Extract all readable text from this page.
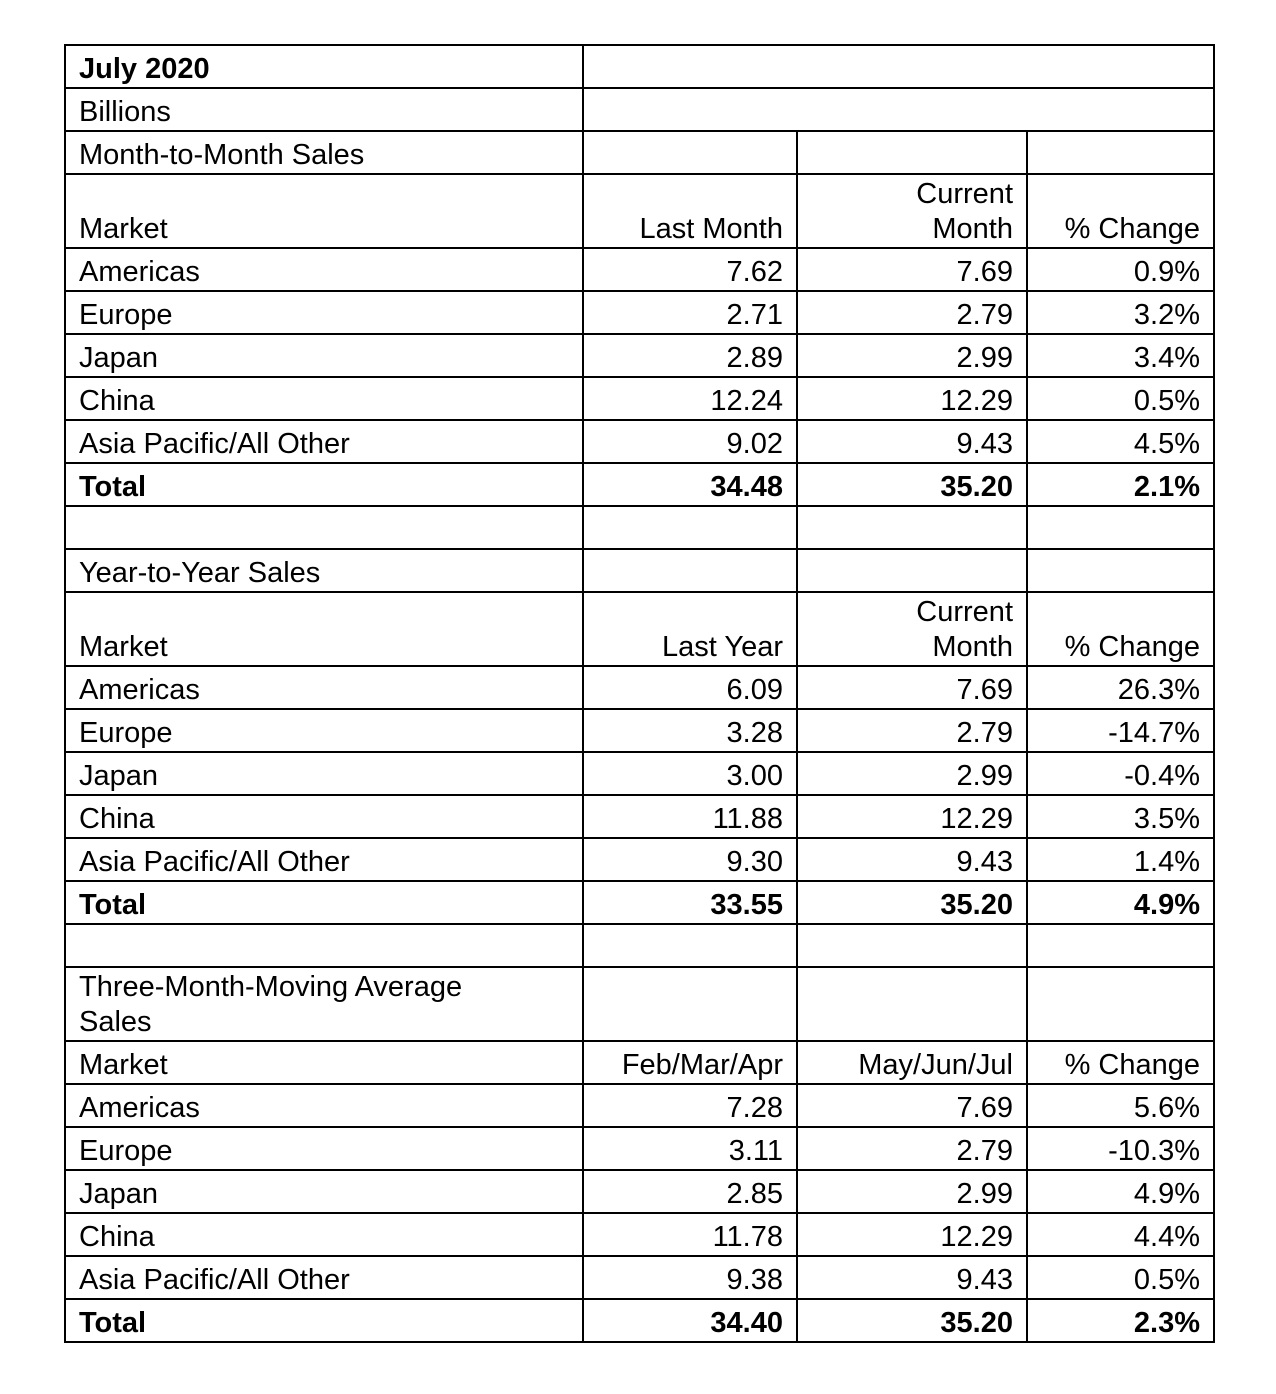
July 2020			
Billions			
Month-to-Month Sales			
Market	Last Month	Current Month	% Change
Americas	7.62	7.69	0.9%
Europe	2.71	2.79	3.2%
Japan	2.89	2.99	3.4%
China	12.24	12.29	0.5%
Asia Pacific/All Other	9.02	9.43	4.5%
Total	34.48	35.20	2.1%

Year-to-Year Sales			
Market	Last Year	Current Month	% Change
Americas	6.09	7.69	26.3%
Europe	3.28	2.79	-14.7%
Japan	3.00	2.99	-0.4%
China	11.88	12.29	3.5%
Asia Pacific/All Other	9.30	9.43	1.4%
Total	33.55	35.20	4.9%

Three-Month-Moving Average Sales			
Market	Feb/Mar/Apr	May/Jun/Jul	% Change
Americas	7.28	7.69	5.6%
Europe	3.11	2.79	-10.3%
Japan	2.85	2.99	4.9%
China	11.78	12.29	4.4%
Asia Pacific/All Other	9.38	9.43	0.5%
Total	34.40	35.20	2.3%
